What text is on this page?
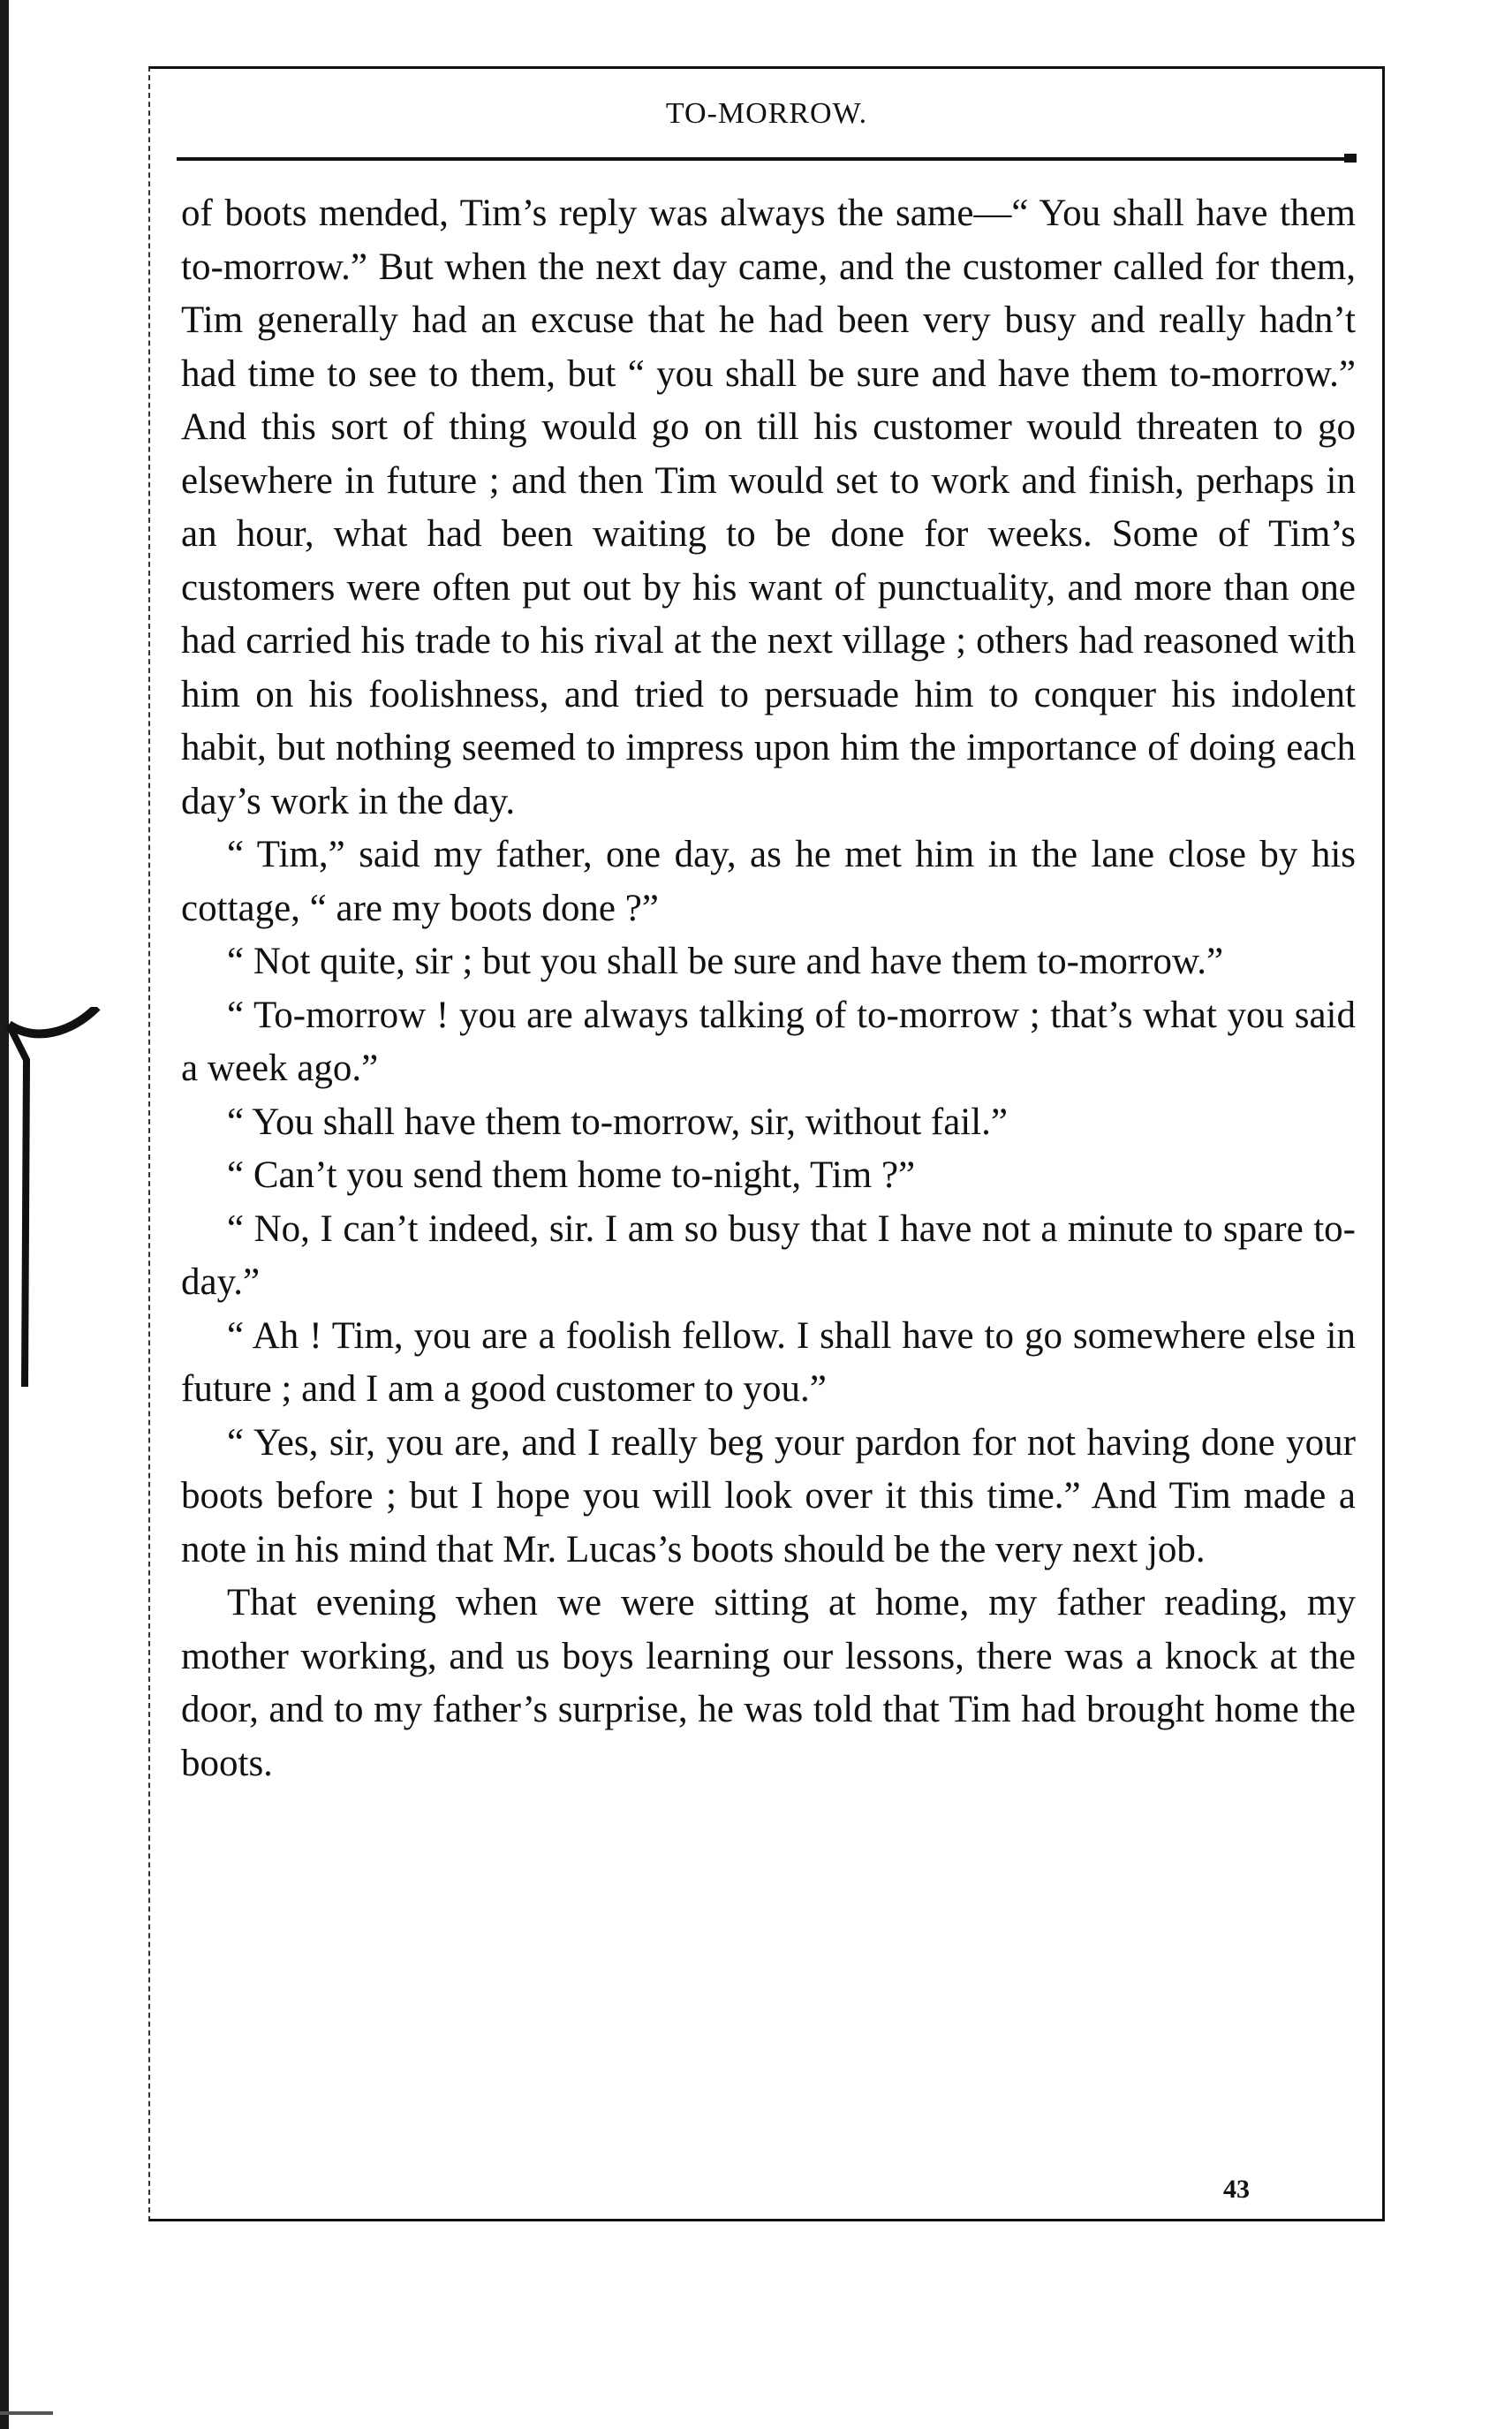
TO-MORROW.

of boots mended, Tim’s reply was always the same—“ You shall have them to-morrow.” But when the next day came, and the customer called for them, Tim generally had an excuse that he had been very busy and really hadn’t had time to see to them, but “ you shall be sure and have them to-morrow.” And this sort of thing would go on till his customer would threaten to go elsewhere in future ; and then Tim would set to work and finish, perhaps in an hour, what had been waiting to be done for weeks. Some of Tim’s customers were often put out by his want of punctuality, and more than one had carried his trade to his rival at the next village ; others had reasoned with him on his foolishness, and tried to persuade him to conquer his indolent habit, but nothing seemed to impress upon him the importance of doing each day’s work in the day.

“ Tim,” said my father, one day, as he met him in the lane close by his cottage, “ are my boots done ?”

“ Not quite, sir ; but you shall be sure and have them to-morrow.”

“ To-morrow ! you are always talking of to-morrow ; that’s what you said a week ago.”

“ You shall have them to-morrow, sir, without fail.”

“ Can’t you send them home to-night, Tim ?”

“ No, I can’t indeed, sir. I am so busy that I have not a minute to spare to-day.”

“ Ah ! Tim, you are a foolish fellow. I shall have to go somewhere else in future ; and I am a good customer to you.”

“ Yes, sir, you are, and I really beg your pardon for not having done your boots before ; but I hope you will look over it this time.” And Tim made a note in his mind that Mr. Lucas’s boots should be the very next job.

That evening when we were sitting at home, my father reading, my mother working, and us boys learning our lessons, there was a knock at the door, and to my father’s surprise, he was told that Tim had brought home the boots.

43
